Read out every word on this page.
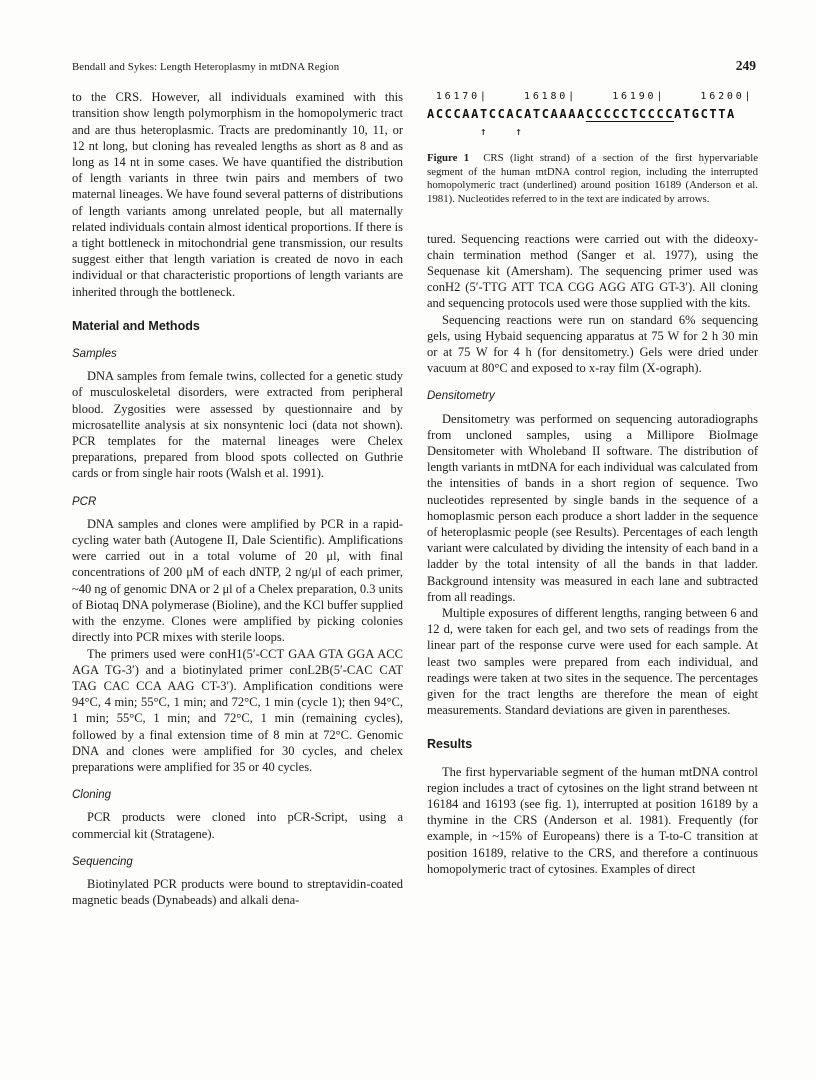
Bendall and Sykes: Length Heteroplasmy in mtDNA Region	249

to the CRS. However, all individuals examined with this transition show length polymorphism in the homopolymeric tract and are thus heteroplasmic. Tracts are predominantly 10, 11, or 12 nt long, but cloning has revealed lengths as short as 8 and as long as 14 nt in some cases. We have quantified the distribution of length variants in three twin pairs and members of two maternal lineages. We have found several patterns of distributions of length variants among unrelated people, but all maternally related individuals contain almost identical proportions. If there is a tight bottleneck in mitochondrial gene transmission, our results suggest either that length variation is created de novo in each individual or that characteristic proportions of length variants are inherited through the bottleneck.

Material and Methods
Samples

DNA samples from female twins, collected for a genetic study of musculoskeletal disorders, were extracted from peripheral blood. Zygosities were assessed by questionnaire and by microsatellite analysis at six nonsyntenic loci (data not shown). PCR templates for the maternal lineages were Chelex preparations, prepared from blood spots collected on Guthrie cards or from single hair roots (Walsh et al. 1991).

PCR

DNA samples and clones were amplified by PCR in a rapid-cycling water bath (Autogene II, Dale Scientific). Amplifications were carried out in a total volume of 20 μl, with final concentrations of 200 μM of each dNTP, 2 ng/μl of each primer, ~40 ng of genomic DNA or 2 μl of a Chelex preparation, 0.3 units of Biotaq DNA polymerase (Bioline), and the KCl buffer supplied with the enzyme. Clones were amplified by picking colonies directly into PCR mixes with sterile loops.

The primers used were conH1(5′-CCT GAA GTA GGA ACC AGA TG-3′) and a biotinylated primer conL2B(5′-CAC CAT TAG CAC CCA AAG CT-3′). Amplification conditions were 94°C, 4 min; 55°C, 1 min; and 72°C, 1 min (cycle 1); then 94°C, 1 min; 55°C, 1 min; and 72°C, 1 min (remaining cycles), followed by a final extension time of 8 min at 72°C. Genomic DNA and clones were amplified for 30 cycles, and chelex preparations were amplified for 35 or 40 cycles.

Cloning

PCR products were cloned into pCR-Script, using a commercial kit (Stratagene).

Sequencing

Biotinylated PCR products were bound to streptavidin-coated magnetic beads (Dynabeads) and alkali dena-

16170|    16180|    16190|    16200|
ACCCAATCCACATCAAAACCCCCTCCCCATGCTTA
↑   ↑
Figure 1 CRS (light strand) of a section of the first hypervariable segment of the human mtDNA control region, including the interrupted homopolymeric tract (underlined) around position 16189 (Anderson et al. 1981). Nucleotides referred to in the text are indicated by arrows.

tured. Sequencing reactions were carried out with the dideoxy-chain termination method (Sanger et al. 1977), using the Sequenase kit (Amersham). The sequencing primer used was conH2 (5′-TTG ATT TCA CGG AGG ATG GT-3′). All cloning and sequencing protocols used were those supplied with the kits.

Sequencing reactions were run on standard 6% sequencing gels, using Hybaid sequencing apparatus at 75 W for 2 h 30 min or at 75 W for 4 h (for densitometry.) Gels were dried under vacuum at 80°C and exposed to x-ray film (X-ograph).

Densitometry

Densitometry was performed on sequencing autoradiographs from uncloned samples, using a Millipore BioImage Densitometer with Wholeband II software. The distribution of length variants in mtDNA for each individual was calculated from the intensities of bands in a short region of sequence. Two nucleotides represented by single bands in the sequence of a homoplasmic person each produce a short ladder in the sequence of heteroplasmic people (see Results). Percentages of each length variant were calculated by dividing the intensity of each band in a ladder by the total intensity of all the bands in that ladder. Background intensity was measured in each lane and subtracted from all readings.

Multiple exposures of different lengths, ranging between 6 and 12 d, were taken for each gel, and two sets of readings from the linear part of the response curve were used for each sample. At least two samples were prepared from each individual, and readings were taken at two sites in the sequence. The percentages given for the tract lengths are therefore the mean of eight measurements. Standard deviations are given in parentheses.

Results

The first hypervariable segment of the human mtDNA control region includes a tract of cytosines on the light strand between nt 16184 and 16193 (see fig. 1), interrupted at position 16189 by a thymine in the CRS (Anderson et al. 1981). Frequently (for example, in ~15% of Europeans) there is a T-to-C transition at position 16189, relative to the CRS, and therefore a continuous homopolymeric tract of cytosines. Examples of direct
